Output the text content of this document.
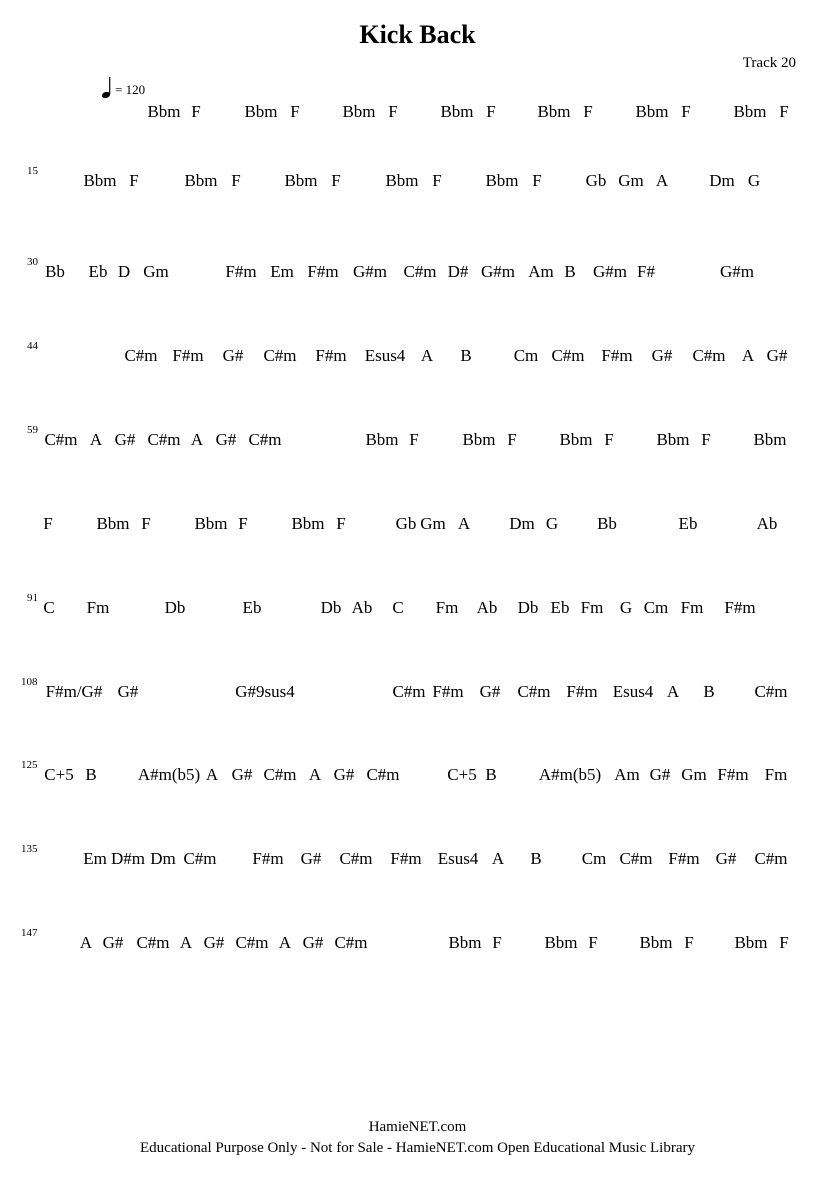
Kick Back
Track 20
= 120
Bbm F	Bbm F	Bbm F	Bbm F Bbm F	Bbm F	Bbm F
15	Bbm F	Bbm F	Bbm F	Bbm F	Bbm F	Gb Gm A Dm G
30 Bb Eb D Gm	F#m Em F#m G#m C#m D# G#m Am B G#m F#	G#m
44	C#m F#m G# C#m F#m Esus4 A B Cm C#m F#m G# C#m A G#
59 C#m A G# C#m A G# C#m	Bbm F	Bbm F	Bbm F	Bbm F	Bbm
F	Bbm F	Bbm F	Bbm F	Gb Gm A Dm G Bb	Eb	Ab
91 C Fm	Db	Eb	Db Ab C Fm Ab Db Eb Fm G Cm Fm F#m
108 F#m/G# G#	G#9sus4	C#m F#m G# C#m F#m Esus4 A B C#m
125 C+5 B A#m(b5) A G# C#m A G# C#m	C+5 B A#m(b5) Am G# Gm F#m Fm
135	Em D#m Dm C#m F#m G# C#m F#m Esus4 A B Cm C#m F#m G# C#m
147 A G# C#m A G# C#m A G# C#m	Bbm F	Bbm F Bbm F Bbm F
HamieNET.com
Educational Purpose Only - Not for Sale - HamieNET.com Open Educational Music Library
